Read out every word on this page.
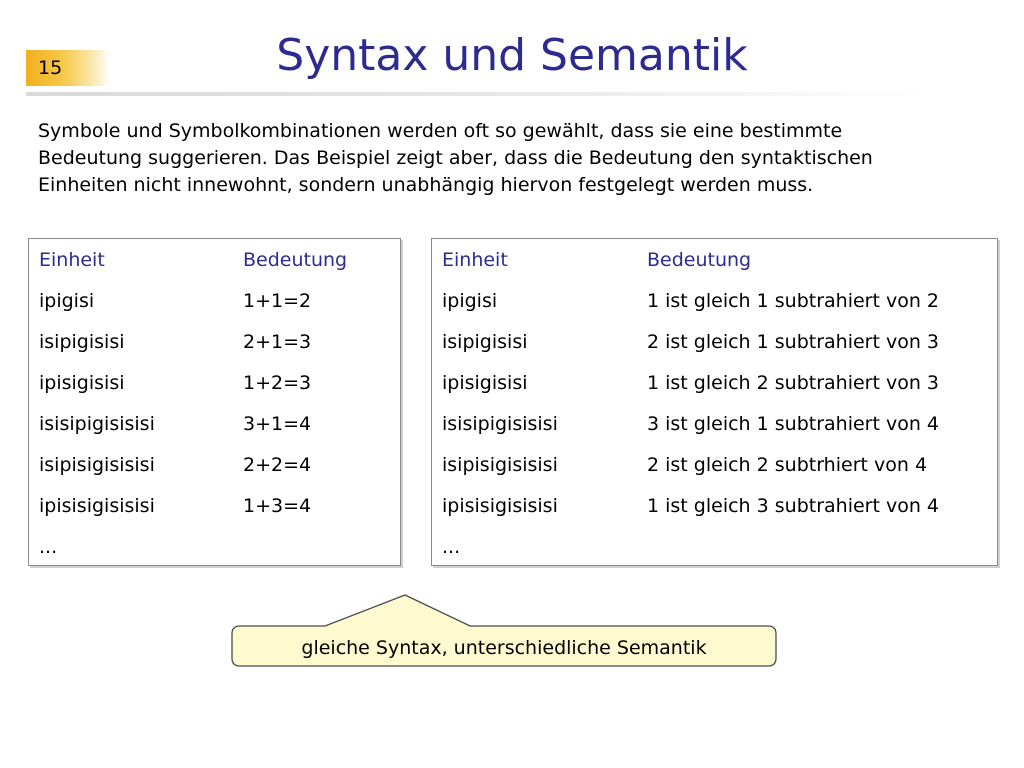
15	Syntax und Semantik
Symbole und Symbolkombinationen werden oft so gewählt, dass sie eine bestimmte
Bedeutung suggerieren. Das Beispiel zeigt aber, dass die Bedeutung den syntaktischen
Einheiten nicht innewohnt, sondern unabhängig hiervon festgelegt werden muss.
Einheit	Bedeutung
ipigisi	1+1=2
isipigisisi	2+1=3
ipisigisisi	1+2=3
isisipigisisisi	3+1=4
isipisigisisisi	2+2=4
ipisisigisisisi	1+3=4
...
Einheit	Bedeutung
ipigisi	1 ist gleich 1 subtrahiert von 2
isipigisisi	2 ist gleich 1 subtrahiert von 3
ipisigisisi	1 ist gleich 2 subtrahiert von 3
isisipigisisisi	3 ist gleich 1 subtrahiert von 4
isipisigisisisi	2 ist gleich 2 subtrhiert von 4
ipisisigisisisi	1 ist gleich 3 subtrahiert von 4
...
gleiche Syntax, unterschiedliche Semantik
